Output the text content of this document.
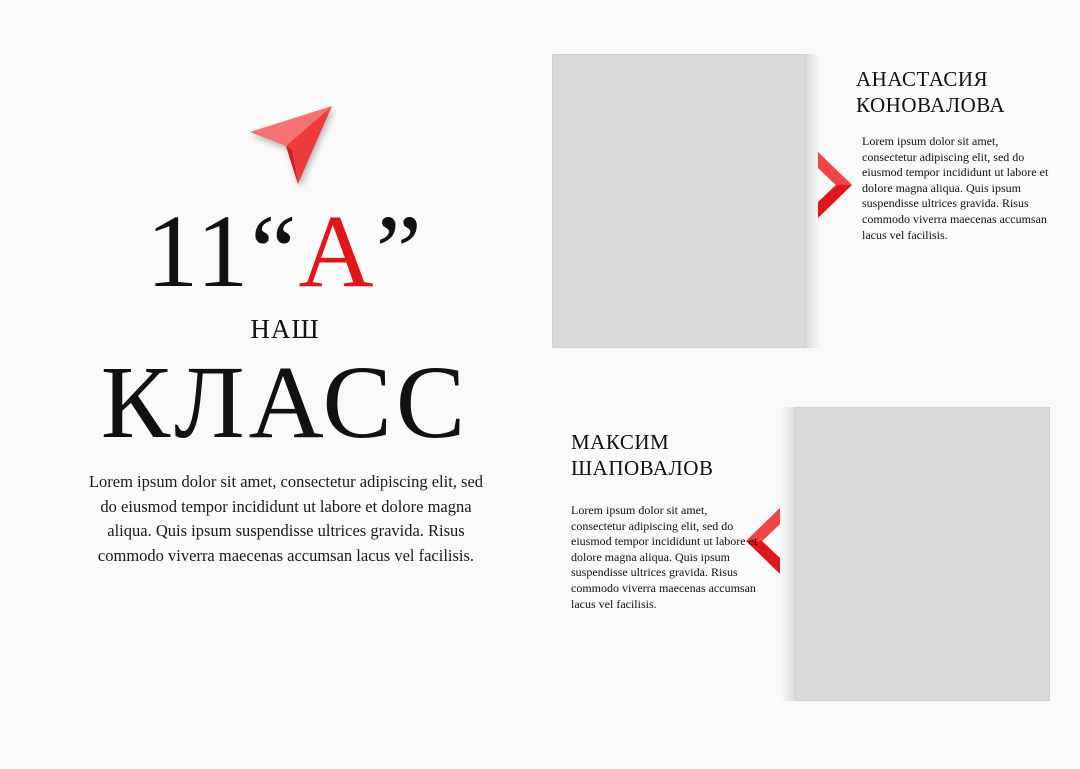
11“А”
НАШ
КЛАСС
Lorem ipsum dolor sit amet, consectetur adipiscing elit, sed do eiusmod tempor incididunt ut labore et dolore magna aliqua. Quis ipsum suspendisse ultrices gravida. Risus commodo viverra maecenas accumsan lacus vel facilisis.
АНАСТАСИЯ
КОНОВАЛОВА
Lorem ipsum dolor sit amet, consectetur adipiscing elit, sed do eiusmod tempor incididunt ut labore et dolore magna aliqua. Quis ipsum suspendisse ultrices gravida. Risus commodo viverra maecenas accumsan lacus vel facilisis.
МАКСИМ
ШАПОВАЛОВ
Lorem ipsum dolor sit amet, consectetur adipiscing elit, sed do eiusmod tempor incididunt ut labore et dolore magna aliqua. Quis ipsum suspendisse ultrices gravida. Risus commodo viverra maecenas accumsan lacus vel facilisis.
